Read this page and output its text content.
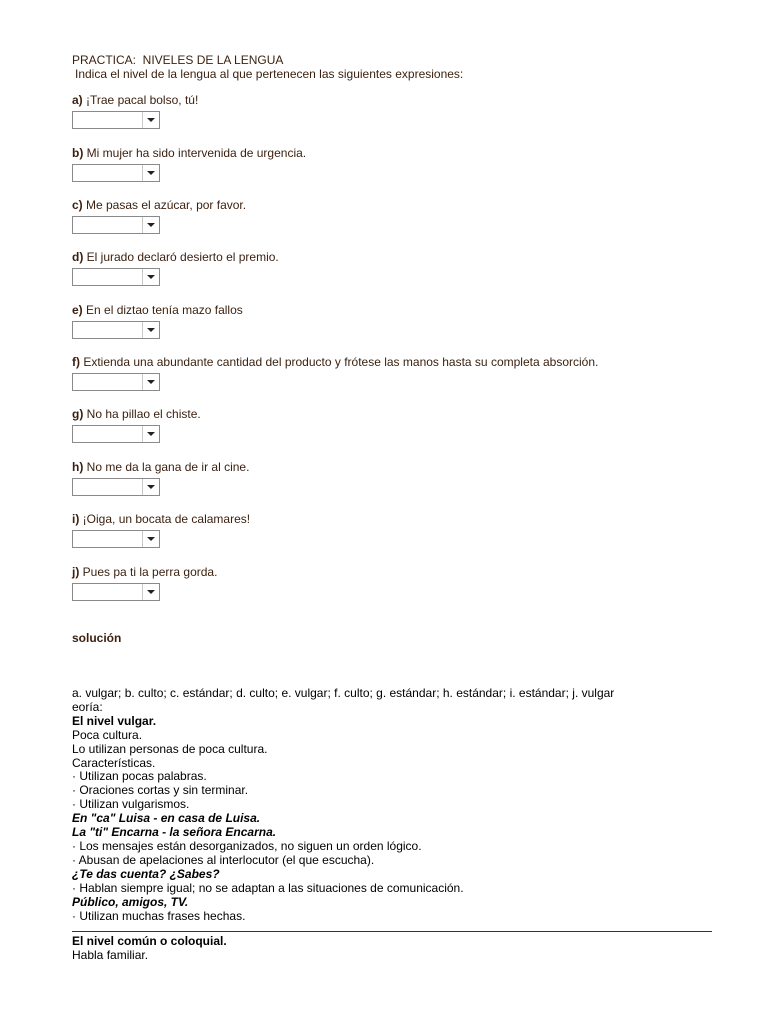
PRACTICA:  NIVELES DE LA LENGUA
Indica el nivel de la lengua al que pertenecen las siguientes expresiones:
a) ¡Trae pacal bolso, tú!
b) Mi mujer ha sido intervenida de urgencia.
c) Me pasas el azúcar, por favor.
d) El jurado declaró desierto el premio.
e) En el diztao tenía mazo fallos
f) Extienda una abundante cantidad del producto y frótese las manos hasta su completa absorción.
g) No ha pillao el chiste.
h) No me da la gana de ir al cine.
i) ¡Oiga, un bocata de calamares!
j) Pues pa ti la perra gorda.
solución
a. vulgar; b. culto; c. estándar; d. culto; e. vulgar; f. culto; g. estándar; h. estándar; i. estándar; j. vulgar
eoría:
El nivel vulgar.
Poca cultura.
Lo utilizan personas de poca cultura.
Características.
· Utilizan pocas palabras.
· Oraciones cortas y sin terminar.
· Utilizan vulgarismos.
En "ca" Luisa - en casa de Luisa.
La "ti" Encarna - la señora Encarna.
· Los mensajes están desorganizados, no siguen un orden lógico.
· Abusan de apelaciones al interlocutor (el que escucha).
¿Te das cuenta? ¿Sabes?
· Hablan siempre igual; no se adaptan a las situaciones de comunicación.
Público, amigos, TV.
· Utilizan muchas frases hechas.
El nivel común o coloquial.
Habla familiar.
